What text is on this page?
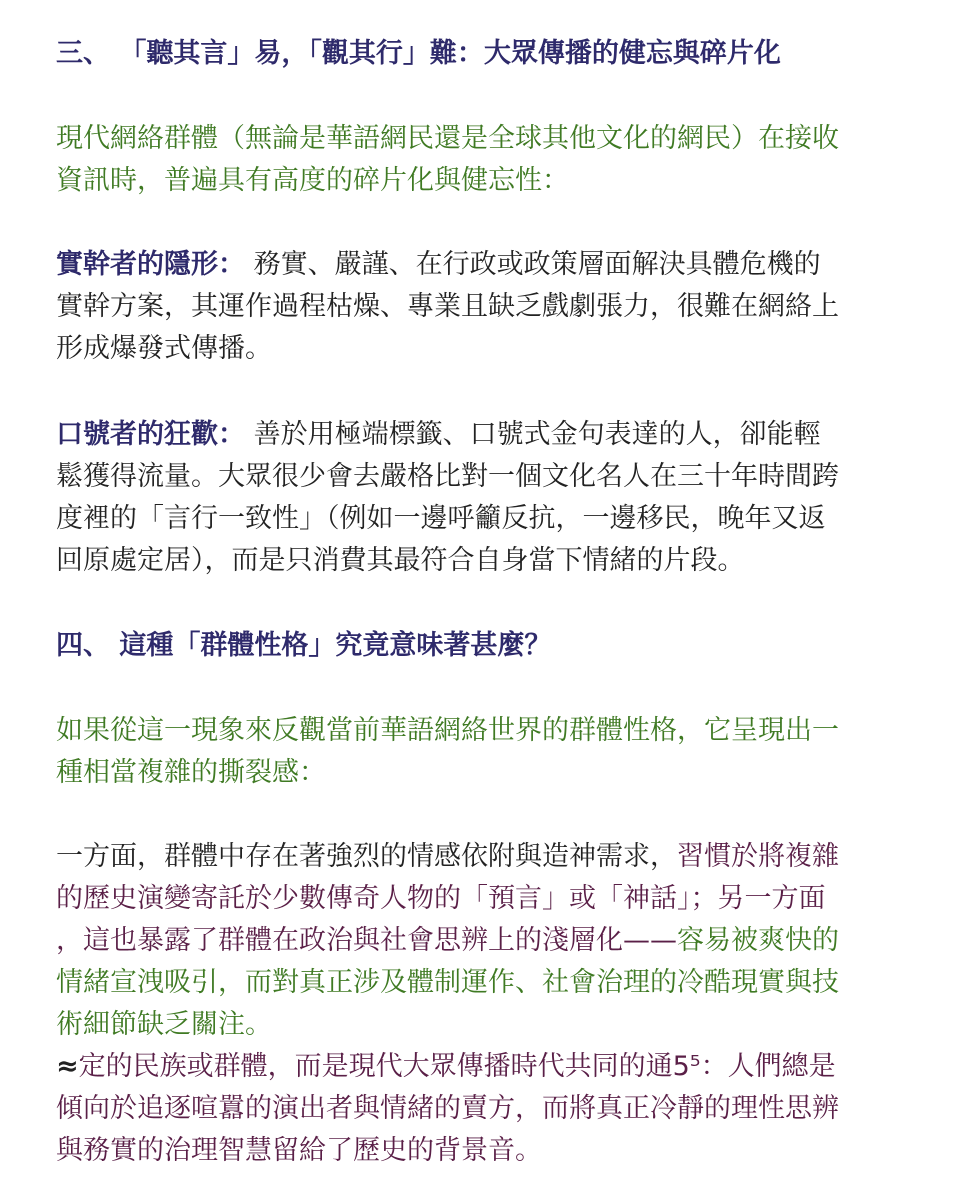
三、 「聽其言」易，「觀其行」難：大眾傳播的健忘與碎片化

現代網絡群體（無論是華語網民還是全球其他文化的網民）在接收
資訊時，普遍具有高度的碎片化與健忘性：

實幹者的隱形： 務實、嚴謹、在行政或政策層面解決具體危機的
實幹方案，其運作過程枯燥、專業且缺乏戲劇張力，很難在網絡上
形成爆發式傳播。

口號者的狂歡： 善於用極端標籤、口號式金句表達的人，卻能輕
鬆獲得流量。大眾很少會去嚴格比對一個文化名人在三十年時間跨
度裡的「言行一致性」（例如一邊呼籲反抗，一邊移民，晚年又返
回原處定居），而是只消費其最符合自身當下情緒的片段。

四、 這種「群體性格」究竟意味著甚麼？

如果從這一現象來反觀當前華語網絡世界的群體性格，它呈現出一
種相當複雜的撕裂感：

一方面，群體中存在著強烈的情感依附與造神需求，習慣於將複雜
的歷史演變寄託於少數傳奇人物的「預言」或「神話」；另一方面
，這也暴露了群體在政治與社會思辨上的淺層化——容易被爽快的
情緒宣洩吸引，而對真正涉及體制運作、社會治理的冷酷現實與技
術細節缺乏關注。
≈定的民族或群體，而是現代大眾傳播時代共同的通5⁵：人們總是
傾向於追逐喧囂的演出者與情緒的賣方，而將真正冷靜的理性思辨
與務實的治理智慧留給了歷史的背景音。
